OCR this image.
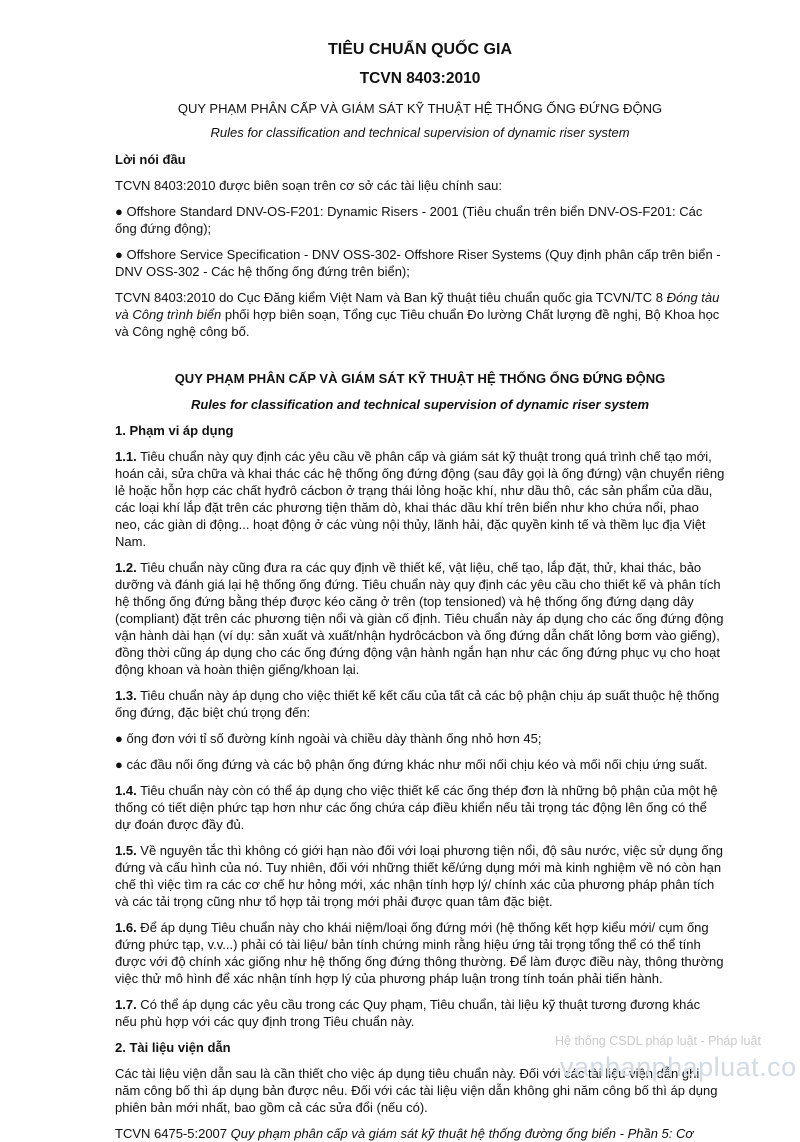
TIÊU CHUẨN QUỐC GIA
TCVN 8403:2010
QUY PHẠM PHÂN CẤP VÀ GIÁM SÁT KỸ THUẬT HỆ THỐNG ỐNG ĐỨNG ĐỘNG
Rules for classification and technical supervision of dynamic riser system
Lời nói đầu

TCVN 8403:2010 được biên soạn trên cơ sở các tài liệu chính sau:

● Offshore Standard DNV-OS-F201: Dynamic Risers - 2001 (Tiêu chuẩn trên biển DNV-OS-F201: Các ống đứng động);

● Offshore Service Specification - DNV OSS-302- Offshore Riser Systems (Quy định phân cấp trên biển - DNV OSS-302 - Các hệ thống ống đứng trên biển);

TCVN 8403:2010 do Cục Đăng kiểm Việt Nam và Ban kỹ thuật tiêu chuẩn quốc gia TCVN/TC 8 Đóng tàu và Công trình biển phối hợp biên soạn, Tổng cục Tiêu chuẩn Đo lường Chất lượng đề nghị, Bộ Khoa học và Công nghệ công bố.

QUY PHẠM PHÂN CẤP VÀ GIÁM SÁT KỸ THUẬT HỆ THỐNG ỐNG ĐỨNG ĐỘNG
Rules for classification and technical supervision of dynamic riser system
1. Phạm vi áp dụng

1.1. Tiêu chuẩn này quy định các yêu cầu về phân cấp và giám sát kỹ thuật trong quá trình chế tạo mới, hoán cải, sửa chữa và khai thác các hệ thống ống đứng động (sau đây gọi là ống đứng) vận chuyển riêng lẻ hoặc hỗn hợp các chất hyđrô cácbon ở trạng thái lỏng hoặc khí, như dầu thô, các sản phẩm của dầu, các loại khí lắp đặt trên các phương tiện thăm dò, khai thác dầu khí trên biển như kho chứa nổi, phao neo, các giàn di động... hoạt động ở các vùng nội thủy, lãnh hải, đặc quyền kinh tế và thềm lục địa Việt Nam.

1.2. Tiêu chuẩn này cũng đưa ra các quy định về thiết kế, vật liệu, chế tạo, lắp đặt, thử, khai thác, bảo dưỡng và đánh giá lại hệ thống ống đứng. Tiêu chuẩn này quy định các yêu cầu cho thiết kế và phân tích hệ thống ống đứng bằng thép được kéo căng ở trên (top tensioned) và hệ thống ống đứng dạng dây (compliant) đặt trên các phương tiện nổi và giàn cố định. Tiêu chuẩn này áp dụng cho các ống đứng động vận hành dài hạn (ví dụ: sản xuất và xuất/nhận hydrôcácbon và ống đứng dẫn chất lỏng bơm vào giếng), đồng thời cũng áp dụng cho các ống đứng động vận hành ngắn hạn như các ống đứng phục vụ cho hoạt động khoan và hoàn thiện giếng/khoan lại.

1.3. Tiêu chuẩn này áp dụng cho việc thiết kế kết cấu của tất cả các bộ phận chịu áp suất thuộc hệ thống ống đứng, đặc biệt chú trọng đến:

● ống đơn với tỉ số đường kính ngoài và chiều dày thành ống nhỏ hơn 45;

● các đầu nối ống đứng và các bộ phận ống đứng khác như mối nối chịu kéo và mối nối chịu ứng suất.

1.4. Tiêu chuẩn này còn có thể áp dụng cho việc thiết kế các ống thép đơn là những bộ phận của một hệ thống có tiết diện phức tạp hơn như các ống chứa cáp điều khiển nếu tải trọng tác động lên ống có thể dự đoán được đầy đủ.

1.5. Về nguyên tắc thì không có giới hạn nào đối với loại phương tiện nổi, độ sâu nước, việc sử dụng ống đứng và cấu hình của nó. Tuy nhiên, đối với những thiết kế/ứng dụng mới mà kinh nghiệm về nó còn hạn chế thì việc tìm ra các cơ chế hư hỏng mới, xác nhận tính hợp lý/ chính xác của phương pháp phân tích và các tải trọng cũng như tổ hợp tải trọng mới phải được quan tâm đặc biệt.

1.6. Để áp dụng Tiêu chuẩn này cho khái niệm/loại ống đứng mới (hệ thống kết hợp kiểu mới/ cụm ống đứng phức tạp, v.v...) phải có tài liệu/ bản tính chứng minh rằng hiệu ứng tải trọng tổng thể có thể tính được với độ chính xác giống như hệ thống ống đứng thông thường. Để làm được điều này, thông thường việc thử mô hình để xác nhận tính hợp lý của phương pháp luận trong tính toán phải tiến hành.

1.7. Có thể áp dụng các yêu cầu trong các Quy phạm, Tiêu chuẩn, tài liệu kỹ thuật tương đương khác nếu phù hợp với các quy định trong Tiêu chuẩn này.

2. Tài liệu viện dẫn

Các tài liệu viện dẫn sau là cần thiết cho việc áp dụng tiêu chuẩn này. Đối với các tài liệu viện dẫn ghi năm công bố thì áp dụng bản được nêu. Đối với các tài liệu viện dẫn không ghi năm công bố thì áp dụng phiên bản mới nhất, bao gồm cả các sửa đổi (nếu có).

TCVN 6475-5:2007 Quy phạm phân cấp và giám sát kỹ thuật hệ thống đường ống biển - Phần 5: Cơ

Hệ thống CSDL pháp luật - Pháp luật
vanbanphapluat.co
